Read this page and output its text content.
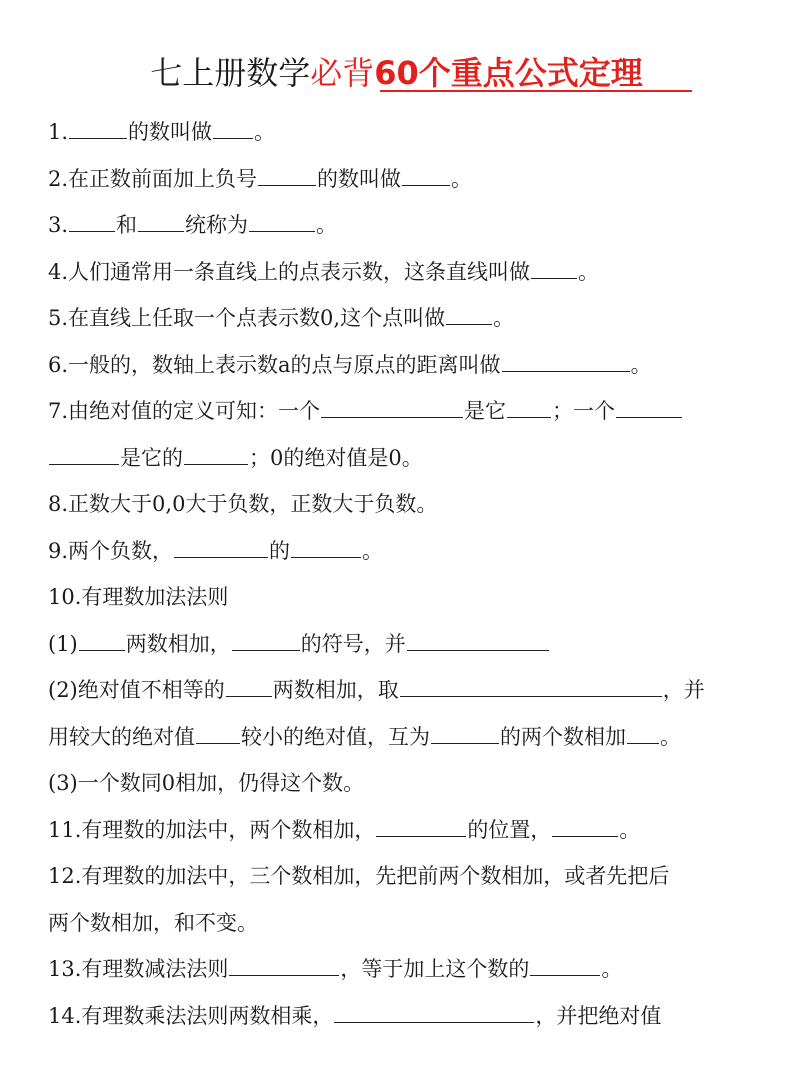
七上册数学必背60个重点公式定理
1.	的数叫做 。
2.在正数前面加上负号	的数叫做 。
3. 和 统称为	。
4.人们通常用一条直线上的点表示数，这条直线叫做 。
5.在直线上任取一个点表示数0,这个点叫做 。
6.一般的，数轴上表示数a的点与原点的距离叫做	。
7.由绝对值的定义可知：一个	是它 ；一个
是它的	；0的绝对值是0。
8.正数大于0,0大于负数，正数大于负数。
9.两个负数，	的	。
10.有理数加法法则
(1) 两数相加，	的符号，并
(2)绝对值不相等的 两数相加，取	，并
用较大的绝对值 较小的绝对值，互为	的两个数相加 。
(3)一个数同0相加，仍得这个数。
11.有理数的加法中，两个数相加，	的位置，	。
12.有理数的加法中，三个数相加，先把前两个数相加，或者先把后
两个数相加，和不变。
13.有理数减法法则	，等于加上这个数的	。
14.有理数乘法法则两数相乘，	，并把绝对值
